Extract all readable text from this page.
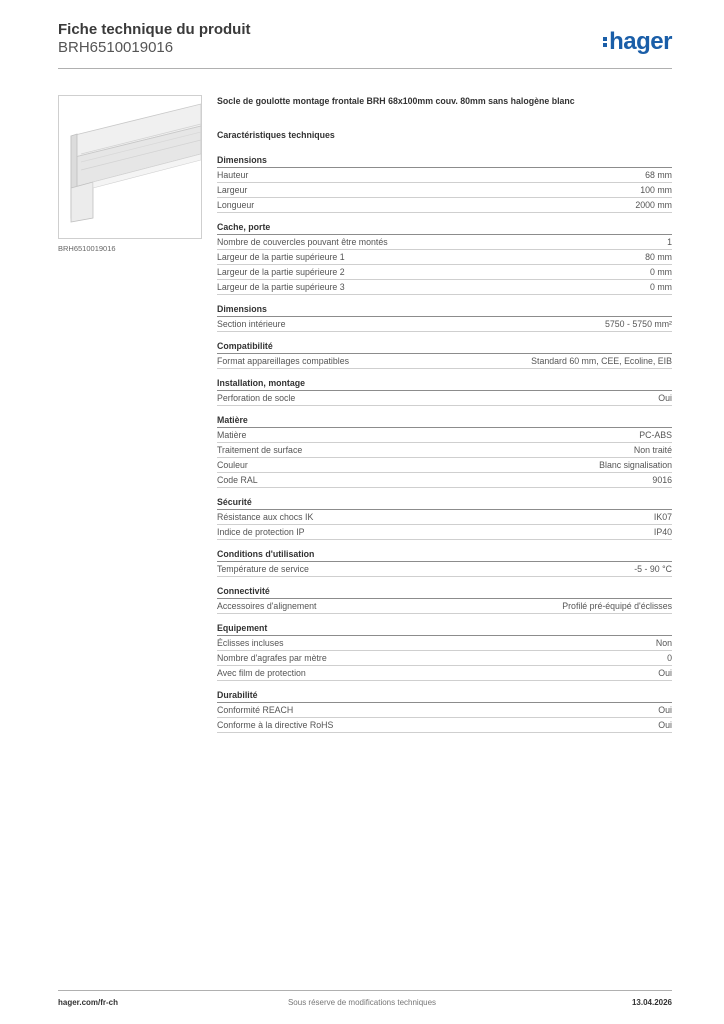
Fiche technique du produit
BRH6510019016	hager
BRH6510019016
Socle de goulotte montage frontale BRH 68x100mm couv. 80mm sans halogène blanc
Caractéristiques techniques
Dimensions
Hauteur	68 mm
Largeur	100 mm
Longueur	2000 mm
Cache, porte
Nombre de couvercles pouvant être montés	1
Largeur de la partie supérieure 1	80 mm
Largeur de la partie supérieure 2	0 mm
Largeur de la partie supérieure 3	0 mm
Dimensions
Section intérieure	5750 - 5750 mm²
Compatibilité
Format appareillages compatibles	Standard 60 mm, CEE, Ecoline, EIB
Installation, montage
Perforation de socle	Oui
Matière
Matière	PC-ABS
Traitement de surface	Non traité
Couleur	Blanc signalisation
Code RAL	9016
Sécurité
Résistance aux chocs IK	IK07
Indice de protection IP	IP40
Conditions d'utilisation
Température de service	-5 - 90 °C
Connectivité
Accessoires d'alignement	Profilé pré-équipé d'éclisses
Equipement
Éclisses incluses	Non
Nombre d'agrafes par mètre	0
Avec film de protection	Oui
Durabilité
Conformité REACH	Oui
Conforme à la directive RoHS	Oui
hager.com/fr-ch	Sous réserve de modifications techniques	13.04.2026
